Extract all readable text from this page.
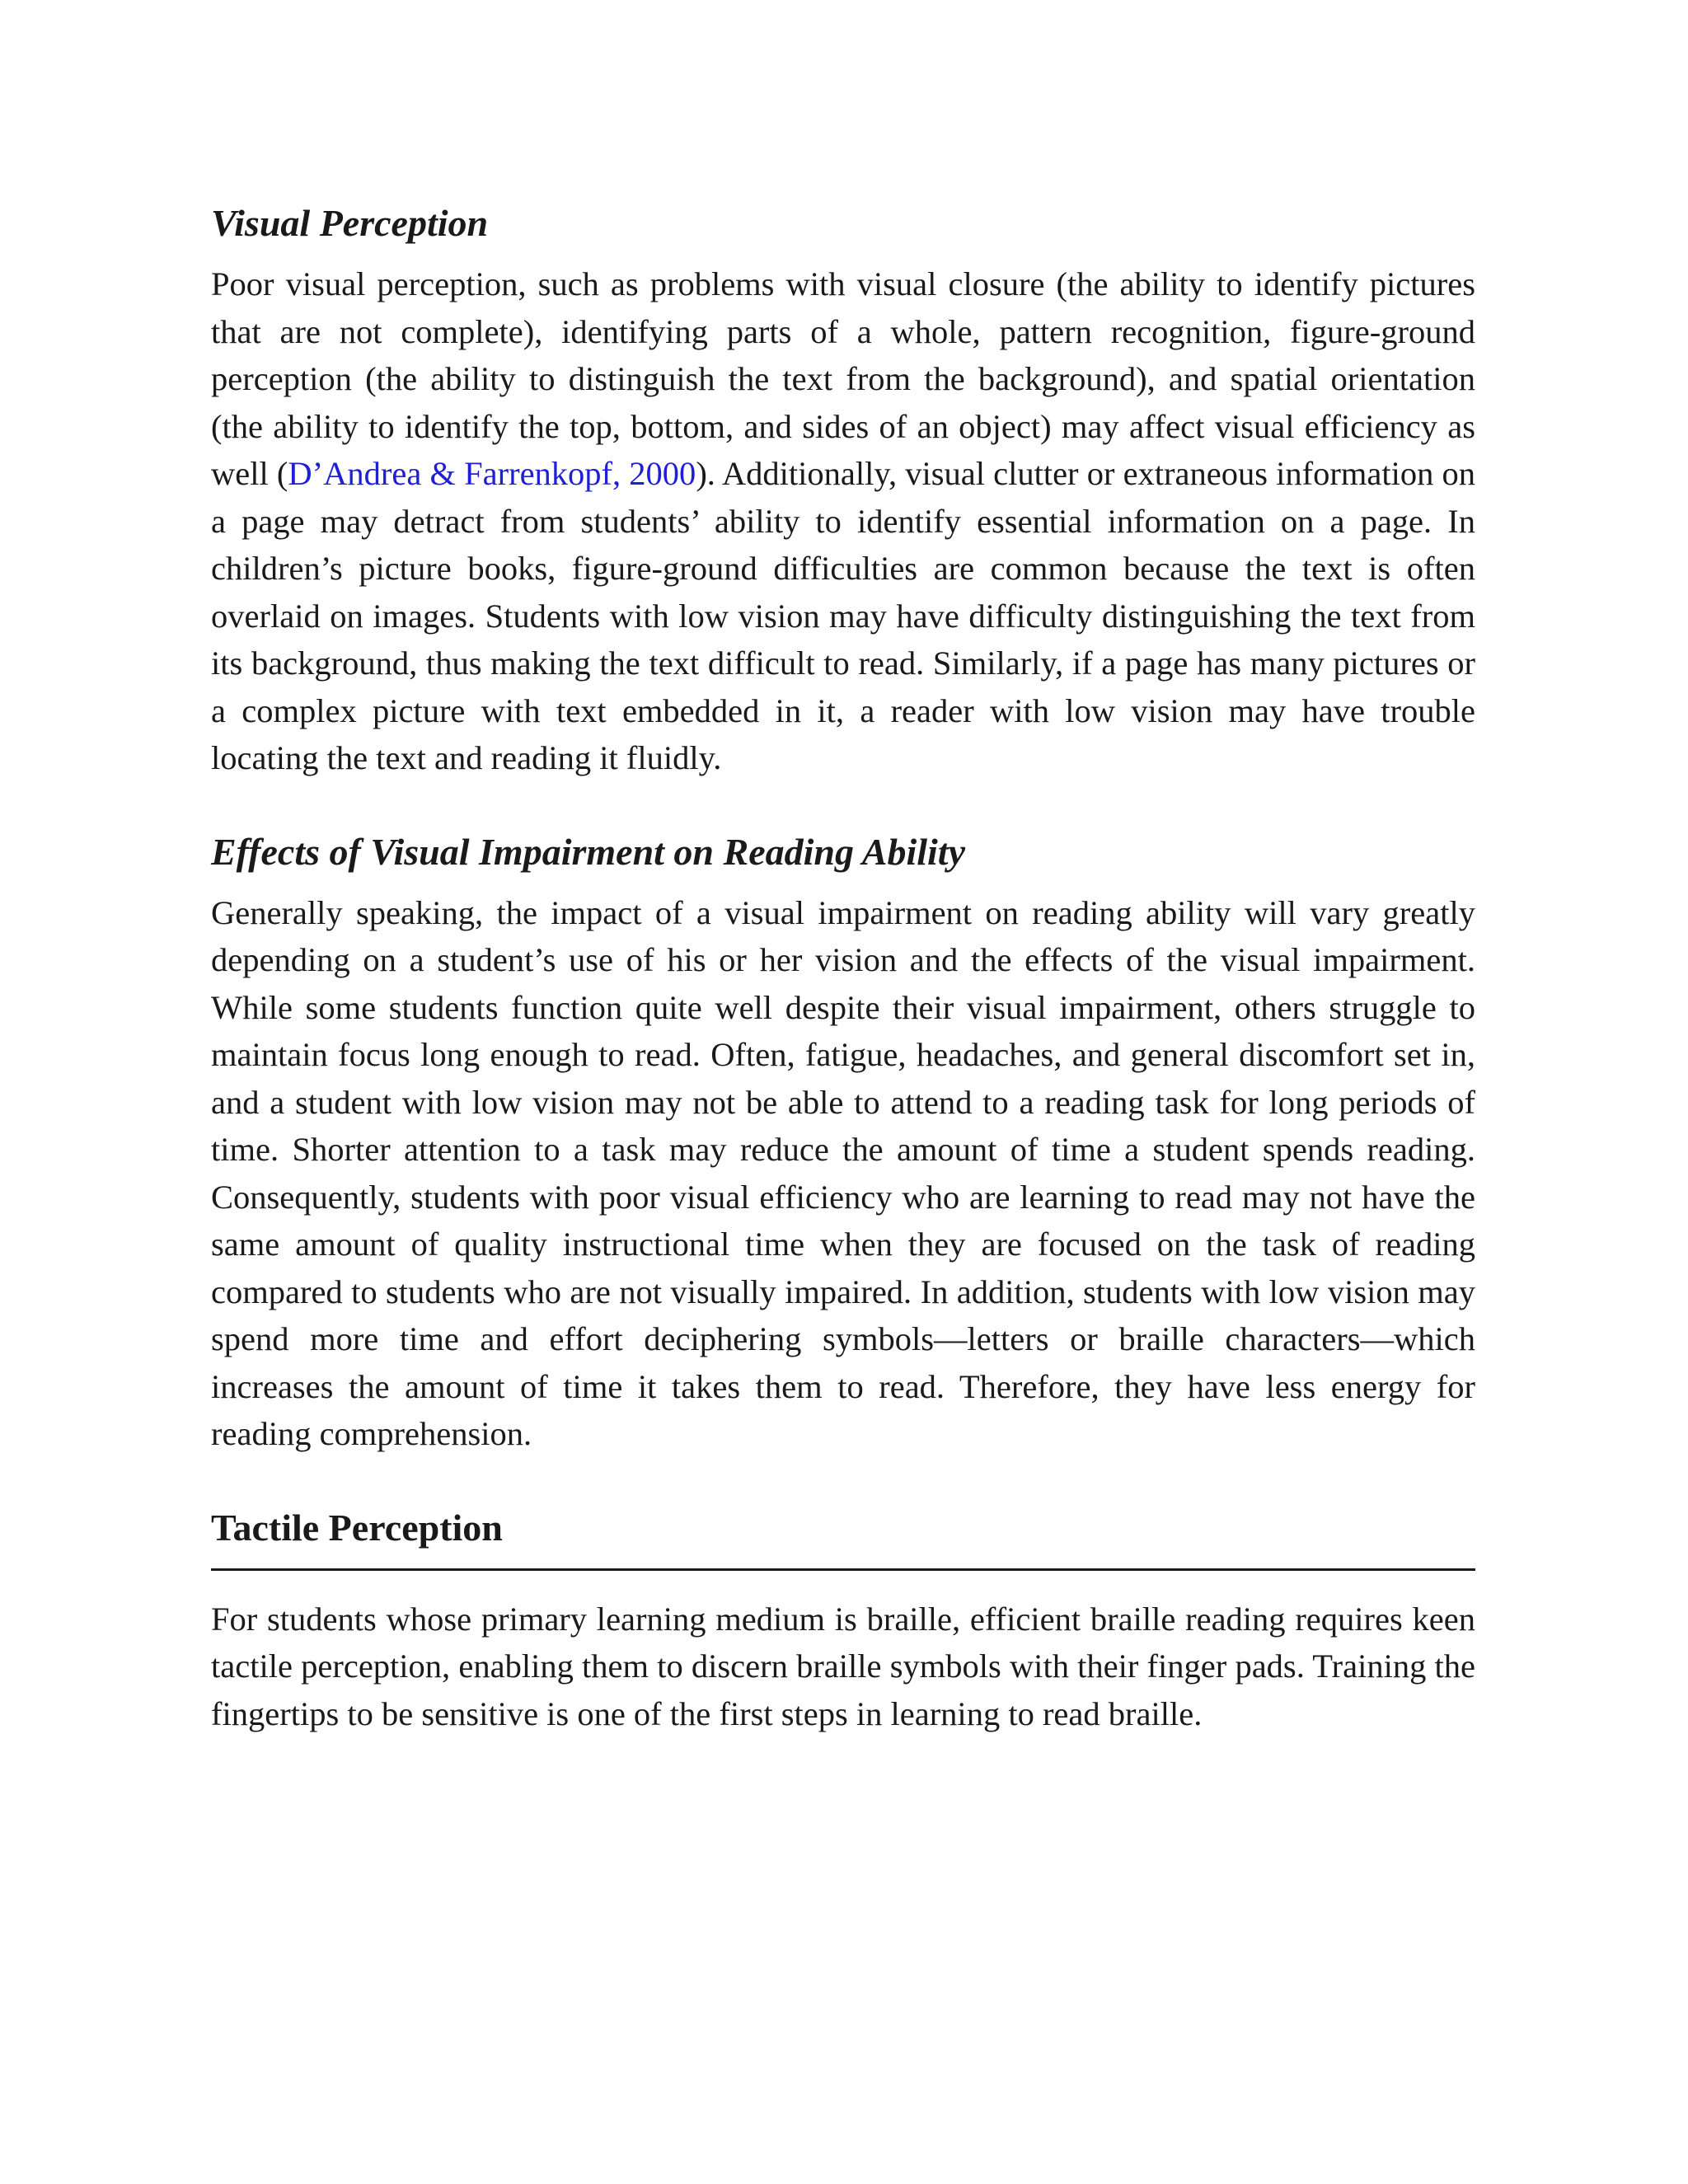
Visual Perception

Poor visual perception, such as problems with visual closure (the ability to identify pictures that are not complete), identifying parts of a whole, pattern recognition, figure-ground perception (the ability to distinguish the text from the background), and spatial orientation (the ability to identify the top, bottom, and sides of an object) may affect visual efficiency as well (D’Andrea & Farrenkopf, 2000). Additionally, visual clutter or extraneous information on a page may detract from students’ ability to identify essential information on a page. In children’s picture books, figure-ground difficulties are common because the text is often overlaid on images. Students with low vision may have difficulty distinguishing the text from its background, thus making the text difficult to read. Similarly, if a page has many pictures or a complex picture with text embedded in it, a reader with low vision may have trouble locating the text and reading it fluidly.

Effects of Visual Impairment on Reading Ability

Generally speaking, the impact of a visual impairment on reading ability will vary greatly depending on a student’s use of his or her vision and the effects of the visual impairment. While some students function quite well despite their visual impairment, others struggle to maintain focus long enough to read. Often, fatigue, headaches, and general discomfort set in, and a student with low vision may not be able to attend to a reading task for long periods of time. Shorter attention to a task may reduce the amount of time a student spends reading. Consequently, students with poor visual efficiency who are learning to read may not have the same amount of quality instructional time when they are focused on the task of reading compared to students who are not visually impaired. In addition, students with low vision may spend more time and effort deciphering symbols—letters or braille characters—which increases the amount of time it takes them to read. Therefore, they have less energy for reading comprehension.

Tactile Perception

For students whose primary learning medium is braille, efficient braille reading requires keen tactile perception, enabling them to discern braille symbols with their finger pads. Training the fingertips to be sensitive is one of the first steps in learning to read braille.
